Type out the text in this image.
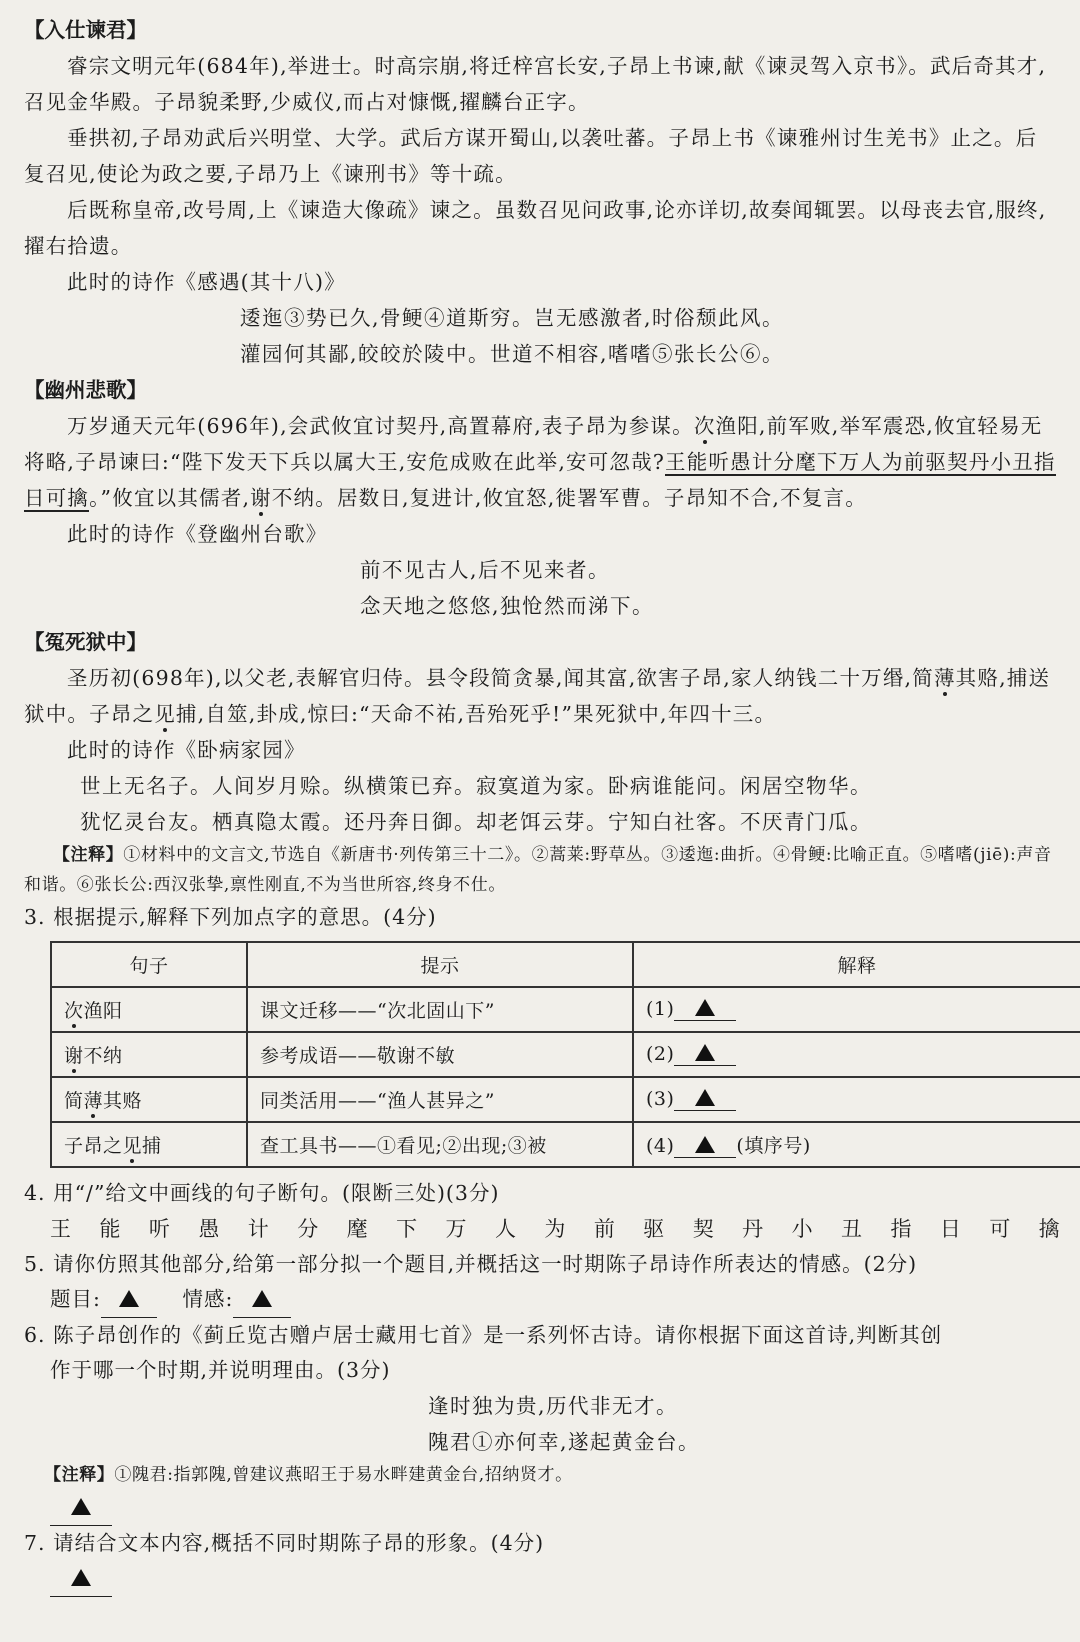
【入仕谏君】

睿宗文明元年(684年),举进士。时高宗崩,将迁梓宫长安,子昂上书谏,献《谏灵驾入京书》。武后奇其才,召见金华殿。子昂貌柔野,少威仪,而占对慷慨,擢麟台正字。

垂拱初,子昂劝武后兴明堂、大学。武后方谋开蜀山,以袭吐蕃。子昂上书《谏雅州讨生羌书》止之。后复召见,使论为政之要,子昂乃上《谏刑书》等十疏。

后既称皇帝,改号周,上《谏造大像疏》谏之。虽数召见问政事,论亦详切,故奏闻辄罢。以母丧去官,服终,擢右拾遗。

此时的诗作《感遇(其十八)》

逶迤③势已久,骨鲠④道斯穷。岂无感激者,时俗颓此风。

灌园何其鄙,皎皎於陵中。世道不相容,嗜嗜⑤张长公⑥。

【幽州悲歌】

万岁通天元年(696年),会武攸宜讨契丹,高置幕府,表子昂为参谋。次渔阳,前军败,举军震恐,攸宜轻易无将略,子昂谏曰:“陛下发天下兵以属大王,安危成败在此举,安可忽哉?王能听愚计分麾下万人为前驱契丹小丑指日可擒。”攸宜以其儒者,谢不纳。居数日,复进计,攸宜怒,徙署军曹。子昂知不合,不复言。

此时的诗作《登幽州台歌》

前不见古人,后不见来者。

念天地之悠悠,独怆然而涕下。

【冤死狱中】

圣历初(698年),以父老,表解官归侍。县令段简贪暴,闻其富,欲害子昂,家人纳钱二十万缗,简薄其赂,捕送狱中。子昂之见捕,自筮,卦成,惊曰:“天命不祐,吾殆死乎!”果死狱中,年四十三。

此时的诗作《卧病家园》

世上无名子。人间岁月赊。纵横策已弃。寂寞道为家。卧病谁能问。闲居空物华。

犹忆灵台友。栖真隐太霞。还丹奔日御。却老饵云芽。宁知白社客。不厌青门瓜。

【注释】①材料中的文言文,节选自《新唐书·列传第三十二》。②蒿莱:野草丛。③逶迤:曲折。④骨鲠:比喻正直。⑤嗜嗜(jiē):声音和谐。⑥张长公:西汉张挚,禀性刚直,不为当世所容,终身不仕。

3. 根据提示,解释下列加点字的意思。(4分)

句子	提示	解释
次渔阳	课文迁移——“次北固山下”	(1)
谢不纳	参考成语——敬谢不敏	(2)
简薄其赂	同类活用——“渔人甚异之”	(3)
子昂之见捕	查工具书——①看见;②出现;③被	(4) (填序号)

4. 用“/”给文中画线的句子断句。(限断三处)(3分)

王 能 听 愚 计 分 麾 下 万 人 为 前 驱 契 丹 小 丑 指 日 可 擒

5. 请你仿照其他部分,给第一部分拟一个题目,并概括这一时期陈子昂诗作所表达的情感。(2分)

题目:	情感:

6. 陈子昂创作的《蓟丘览古赠卢居士藏用七首》是一系列怀古诗。请你根据下面这首诗,判断其创

作于哪一个时期,并说明理由。(3分)

逢时独为贵,历代非无才。

隗君①亦何幸,遂起黄金台。

【注释】①隗君:指郭隗,曾建议燕昭王于易水畔建黄金台,招纳贤才。

7. 请结合文本内容,概括不同时期陈子昂的形象。(4分)
